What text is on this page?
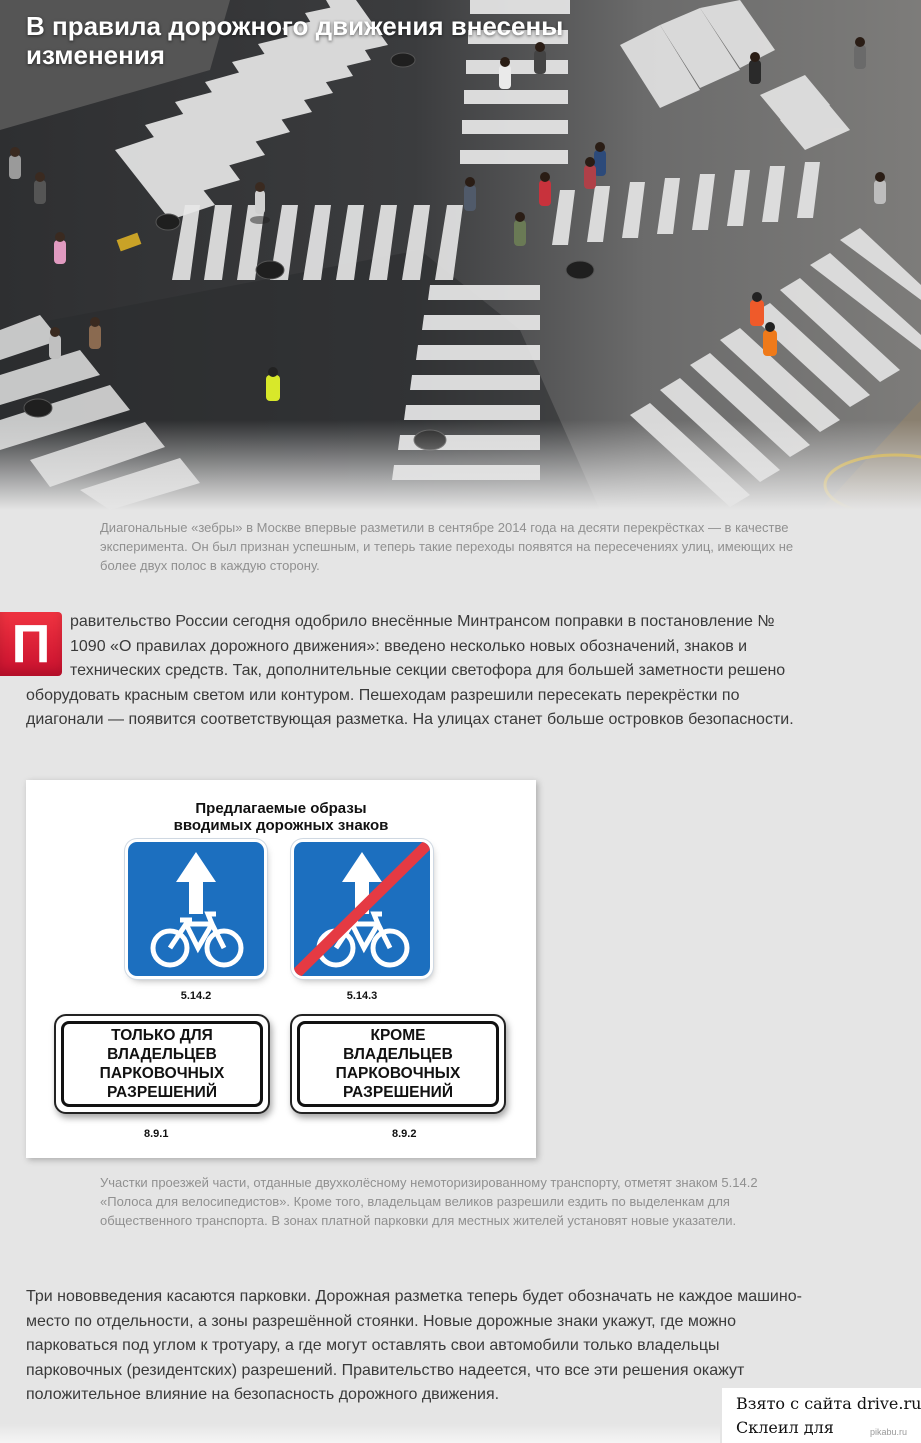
В правила дорожного движения внесены изменения

Диагональные «зебры» в Москве впервые разметили в сентябре 2014 года на десяти перекрёстках — в качестве эксперимента. Он был признан успешным, и теперь такие переходы появятся на пересечениях улиц, имеющих не более двух полос в каждую сторону.

П	равительство России сегодня одобрило внесённые Минтрансом поправки в постановление № 1090 «О правилах дорожного движения»: введено несколько новых обозначений, знаков и технических средств. Так, дополнительные секции светофора для большей заметности решено оборудовать красным светом или контуром. Пешеходам разрешили пересекать перекрёстки по диагонали — появится соответствующая разметка. На улицах станет больше островков безопасности.

Предлагаемые образы
вводимых дорожных знаков

5.14.2	5.14.3

ТОЛЬКО ДЛЯ
ВЛАДЕЛЬЦЕВ
ПАРКОВОЧНЫХ
РАЗРЕШЕНИЙ

8.9.1

КРОМЕ
ВЛАДЕЛЬЦЕВ
ПАРКОВОЧНЫХ
РАЗРЕШЕНИЙ

8.9.2

Участки проезжей части, отданные двухколёсному немоторизированному транспорту, отметят знаком 5.14.2 «Полоса для велосипедистов». Кроме того, владельцам великов разрешили ездить по выделенкам для общественного транспорта. В зонах платной парковки для местных жителей установят новые указатели.

Три нововведения касаются парковки. Дорожная разметка теперь будет обозначать не каждое машино-место по отдельности, а зоны разрешённой стоянки. Новые дорожные знаки укажут, где можно парковаться под углом к тротуару, а где могут оставлять свои автомобили только владельцы парковочных (резидентских) разрешений. Правительство надеется, что все эти решения окажут положительное влияние на безопасность дорожного движения.	Взято с сайта drive.ru
Склеил для	pikabu.ru
